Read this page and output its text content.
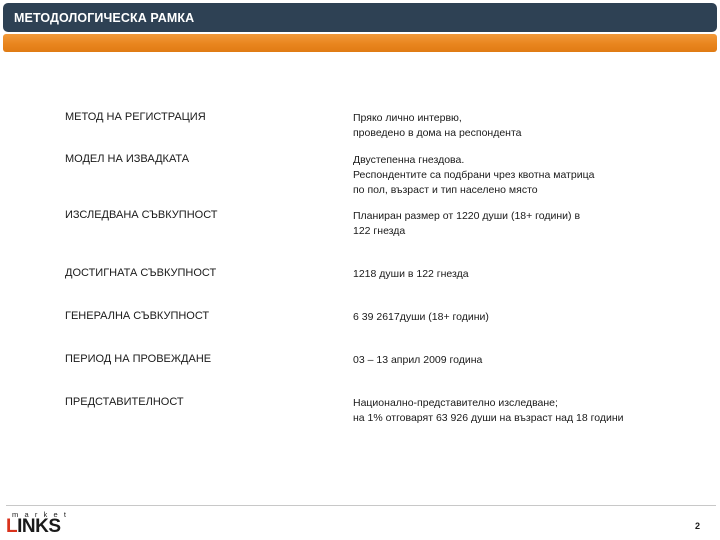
МЕТОДОЛОГИЧЕСКА РАМКА
МЕТОД НА РЕГИСТРАЦИЯ	Пряко лично интервю,
проведено в дома на респондента
МОДЕЛ НА ИЗВАДКАТА	Двустепенна гнездова.
Респондентите са подбрани чрез квотна матрица
по пол, възраст и тип населено място
ИЗСЛЕДВАНА СЪВКУПНОСТ	Планиран размер от 1220 души (18+ години) в
122 гнезда
ДОСТИГНАТА СЪВКУПНОСТ	1218 души в 122 гнезда
ГЕНЕРАЛНА СЪВКУПНОСТ	6 39 2617души (18+ години)
ПЕРИОД НА ПРОВЕЖДАНЕ	03 – 13 април 2009 година
ПРЕДСТАВИТЕЛНОСТ	Национално-представително изследване;
на 1% отговарят 63 926 души на възраст над 18 години
market
LINKS	2
